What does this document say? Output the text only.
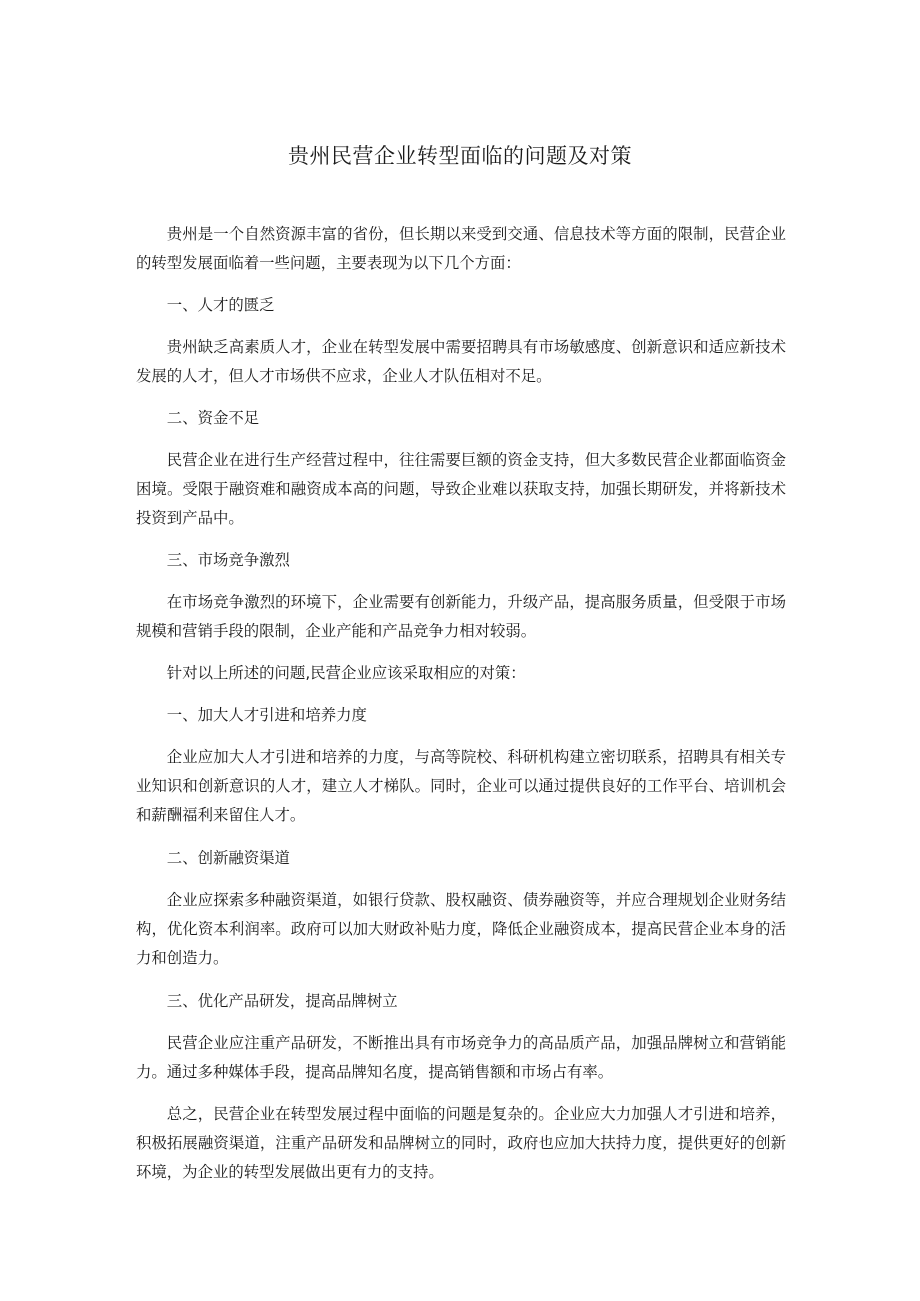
贵州民营企业转型面临的问题及对策

贵州是一个自然资源丰富的省份，但长期以来受到交通、信息技术等方面的限制，民营企业的转型发展面临着一些问题，主要表现为以下几个方面：

一、人才的匮乏

贵州缺乏高素质人才，企业在转型发展中需要招聘具有市场敏感度、创新意识和适应新技术发展的人才，但人才市场供不应求，企业人才队伍相对不足。

二、资金不足

民营企业在进行生产经营过程中，往往需要巨额的资金支持，但大多数民营企业都面临资金困境。受限于融资难和融资成本高的问题，导致企业难以获取支持，加强长期研发，并将新技术投资到产品中。

三、市场竞争激烈

在市场竞争激烈的环境下，企业需要有创新能力，升级产品，提高服务质量，但受限于市场规模和营销手段的限制，企业产能和产品竞争力相对较弱。

针对以上所述的问题,民营企业应该采取相应的对策：

一、加大人才引进和培养力度

企业应加大人才引进和培养的力度，与高等院校、科研机构建立密切联系，招聘具有相关专业知识和创新意识的人才，建立人才梯队。同时，企业可以通过提供良好的工作平台、培训机会和薪酬福利来留住人才。

二、创新融资渠道

企业应探索多种融资渠道，如银行贷款、股权融资、债券融资等，并应合理规划企业财务结构，优化资本利润率。政府可以加大财政补贴力度，降低企业融资成本，提高民营企业本身的活力和创造力。

三、优化产品研发，提高品牌树立

民营企业应注重产品研发，不断推出具有市场竞争力的高品质产品，加强品牌树立和营销能力。通过多种媒体手段，提高品牌知名度，提高销售额和市场占有率。

总之，民营企业在转型发展过程中面临的问题是复杂的。企业应大力加强人才引进和培养，积极拓展融资渠道，注重产品研发和品牌树立的同时，政府也应加大扶持力度，提供更好的创新环境，为企业的转型发展做出更有力的支持。
